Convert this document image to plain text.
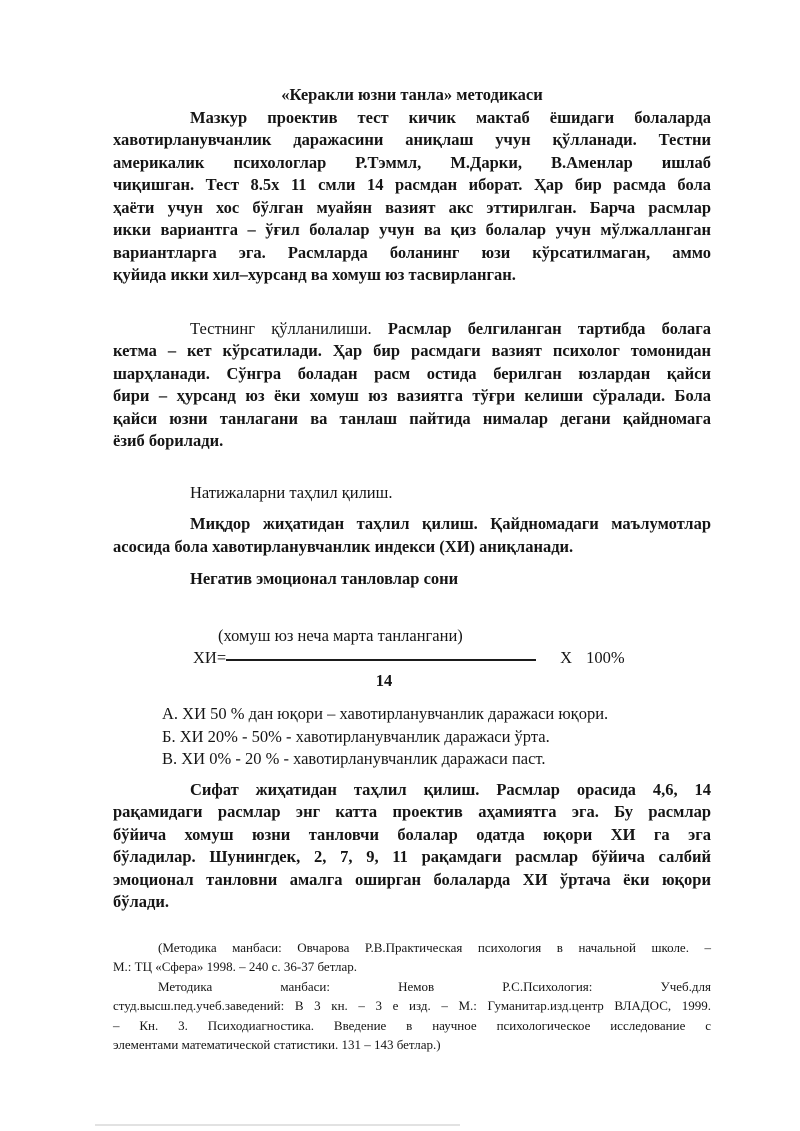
«Керакли юзни танла» методикаси
Мазкур проектив тест кичик мактаб ёшидаги болаларда
хавотирланувчанлик даражасини аниқлаш учун қўлланади. Тестни
америкалик психологлар Р.Тэммл, М.Дарки, В.Аменлар ишлаб
чиқишган. Тест 8.5х 11 смли 14 расмдан иборат. Ҳар бир расмда бола
ҳаёти учун хос бўлган муайян вазият акс эттирилган. Барча расмлар
икки вариантга – ўғил болалар учун ва қиз болалар учун мўлжалланган
вариантларга эга. Расмларда боланинг юзи кўрсатилмаган, аммо
қуйида икки хил–хурсанд ва хомуш юз тасвирланган.
Тестнинг қўлланилиши. Расмлар белгиланган тартибда болага
кетма – кет кўрсатилади. Ҳар бир расмдаги вазият психолог томонидан
шарҳланади. Сўнгра боладан расм остида берилган юзлардан қайси
бири – ҳурсанд юз ёки хомуш юз вазиятга тўғри келиши сўралади. Бола
қайси юзни танлагани ва танлаш пайтида нималар дегани қайдномага
ёзиб борилади.
Натижаларни таҳлил қилиш.
Миқдор жиҳатидан таҳлил қилиш. Қайдномадаги маълумотлар
асосида бола хавотирланувчанлик индекси (ХИ) аниқланади.
Негатив эмоционал танловлар сони
(хомуш юз неча марта танлангани)
ХИ=	Х 100%
14
А. ХИ 50 % дан юқори – хавотирланувчанлик даражаси юқори.
Б. ХИ 20% - 50% - хавотирланувчанлик даражаси ўрта.
В. ХИ 0% - 20 % - хавотирланувчанлик даражаси паст.
Сифат жиҳатидан таҳлил қилиш. Расмлар орасида 4,6, 14
рақамидаги расмлар энг катта проектив аҳамиятга эга. Бу расмлар
бўйича хомуш юзни танловчи болалар одатда юқори ХИ га эга
бўладилар. Шунингдек, 2, 7, 9, 11 рақамдаги расмлар бўйича салбий
эмоционал танловни амалга оширган болаларда ХИ ўртача ёки юқори
бўлади.
(Методика манбаси: Овчарова Р.В.Практическая психология в начальной школе. –
М.: ТЦ «Сфера» 1998. – 240 с. 36-37 бетлар.
Методика манбаси: Немов Р.С.Психология: Учеб.для
студ.высш.пед.учеб.заведений: В 3 кн. – 3 е изд. – М.: Гуманитар.изд.центр ВЛАДОС, 1999.
– Кн. 3. Психодиагностика. Введение в научное психологическое исследование с
элементами математической статистики. 131 – 143 бетлар.)
